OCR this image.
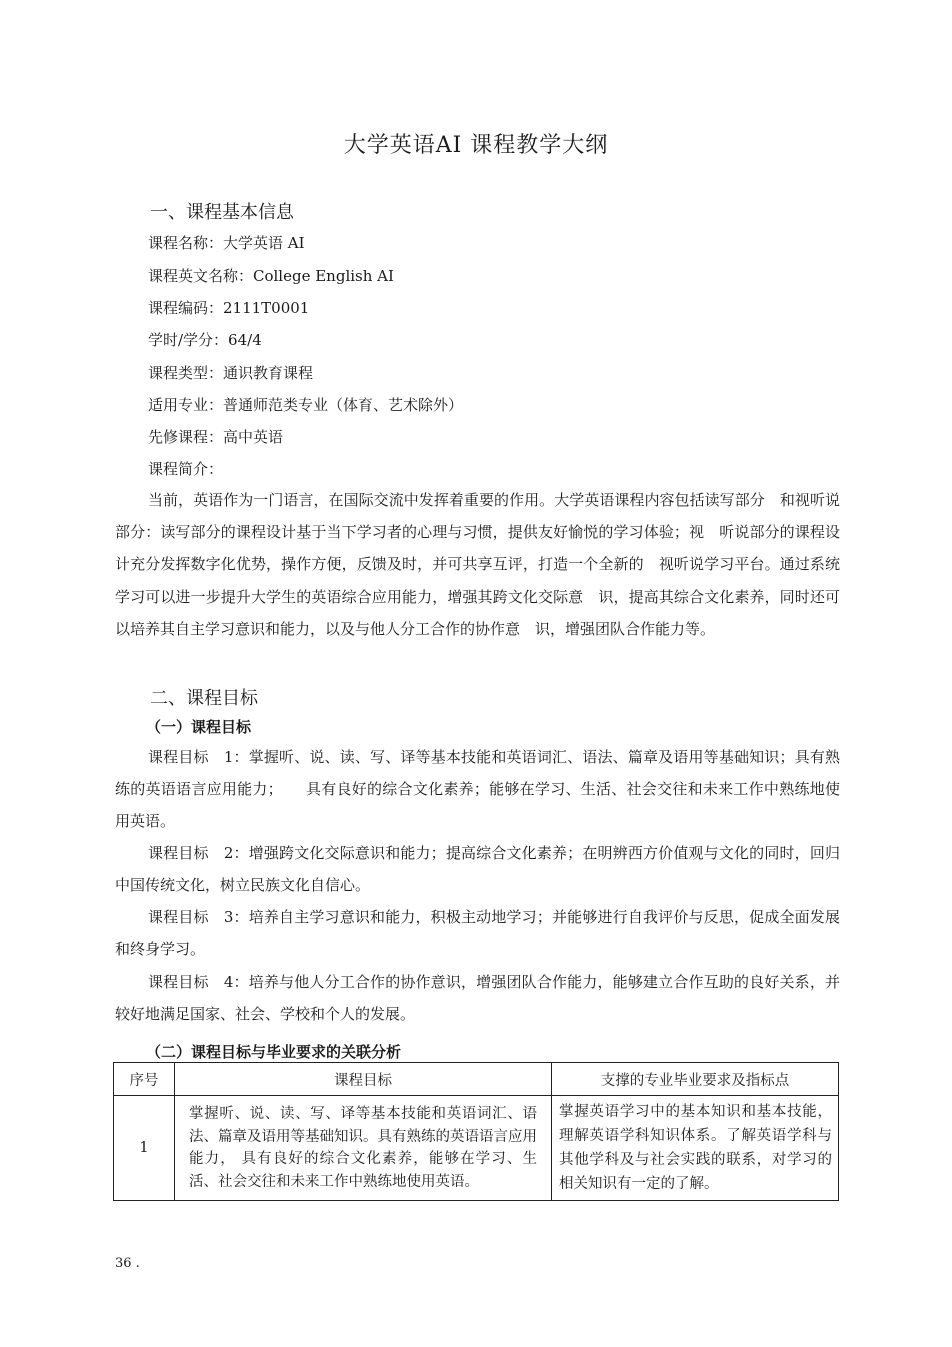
大学英语AI 课程教学大纲
一、课程基本信息
课程名称：大学英语 AI
课程英文名称：College English AI
课程编码：2111T0001
学时/学分：64/4
课程类型：通识教育课程
适用专业：普通师范类专业（体育、艺术除外）
先修课程：高中英语
课程简介：

当前，英语作为一门语言，在国际交流中发挥着重要的作用。大学英语课程内容包括读写部分　和视听说部分：读写部分的课程设计基于当下学习者的心理与习惯，提供友好愉悦的学习体验；视　听说部分的课程设计充分发挥数字化优势，操作方便，反馈及时，并可共享互评，打造一个全新的　视听说学习平台。通过系统学习可以进一步提升大学生的英语综合应用能力，增强其跨文化交际意　识，提高其综合文化素养，同时还可以培养其自主学习意识和能力，以及与他人分工合作的协作意　识，增强团队合作能力等。

二、课程目标
（一）课程目标

课程目标　1：掌握听、说、读、写、译等基本技能和英语词汇、语法、篇章及语用等基础知识；具有熟练的英语语言应用能力；　　具有良好的综合文化素养；能够在学习、生活、社会交往和未来工作中熟练地使用英语。

课程目标　2：增强跨文化交际意识和能力；提高综合文化素养；在明辨西方价值观与文化的同时，回归中国传统文化，树立民族文化自信心。

课程目标　3：培养自主学习意识和能力，积极主动地学习；并能够进行自我评价与反思，促成全面发展和终身学习。

课程目标　4：培养与他人分工合作的协作意识，增强团队合作能力，能够建立合作互助的良好关系，并较好地满足国家、社会、学校和个人的发展。

（二）课程目标与毕业要求的关联分析
序号	课程目标	支撑的专业毕业要求及指标点
1	掌握听、说、读、写、译等基本技能和英语词汇、语法、篇章及语用等基础知识。具有熟练的英语语言应用能力， 具有良好的综合文化素养，能够在学习、生活、社会交往和未来工作中熟练地使用英语。	掌握英语学习中的基本知识和基本技能，理解英语学科知识体系。了解英语学科与其他学科及与社会实践的联系，对学习的相关知识有一定的了解。
36 .
